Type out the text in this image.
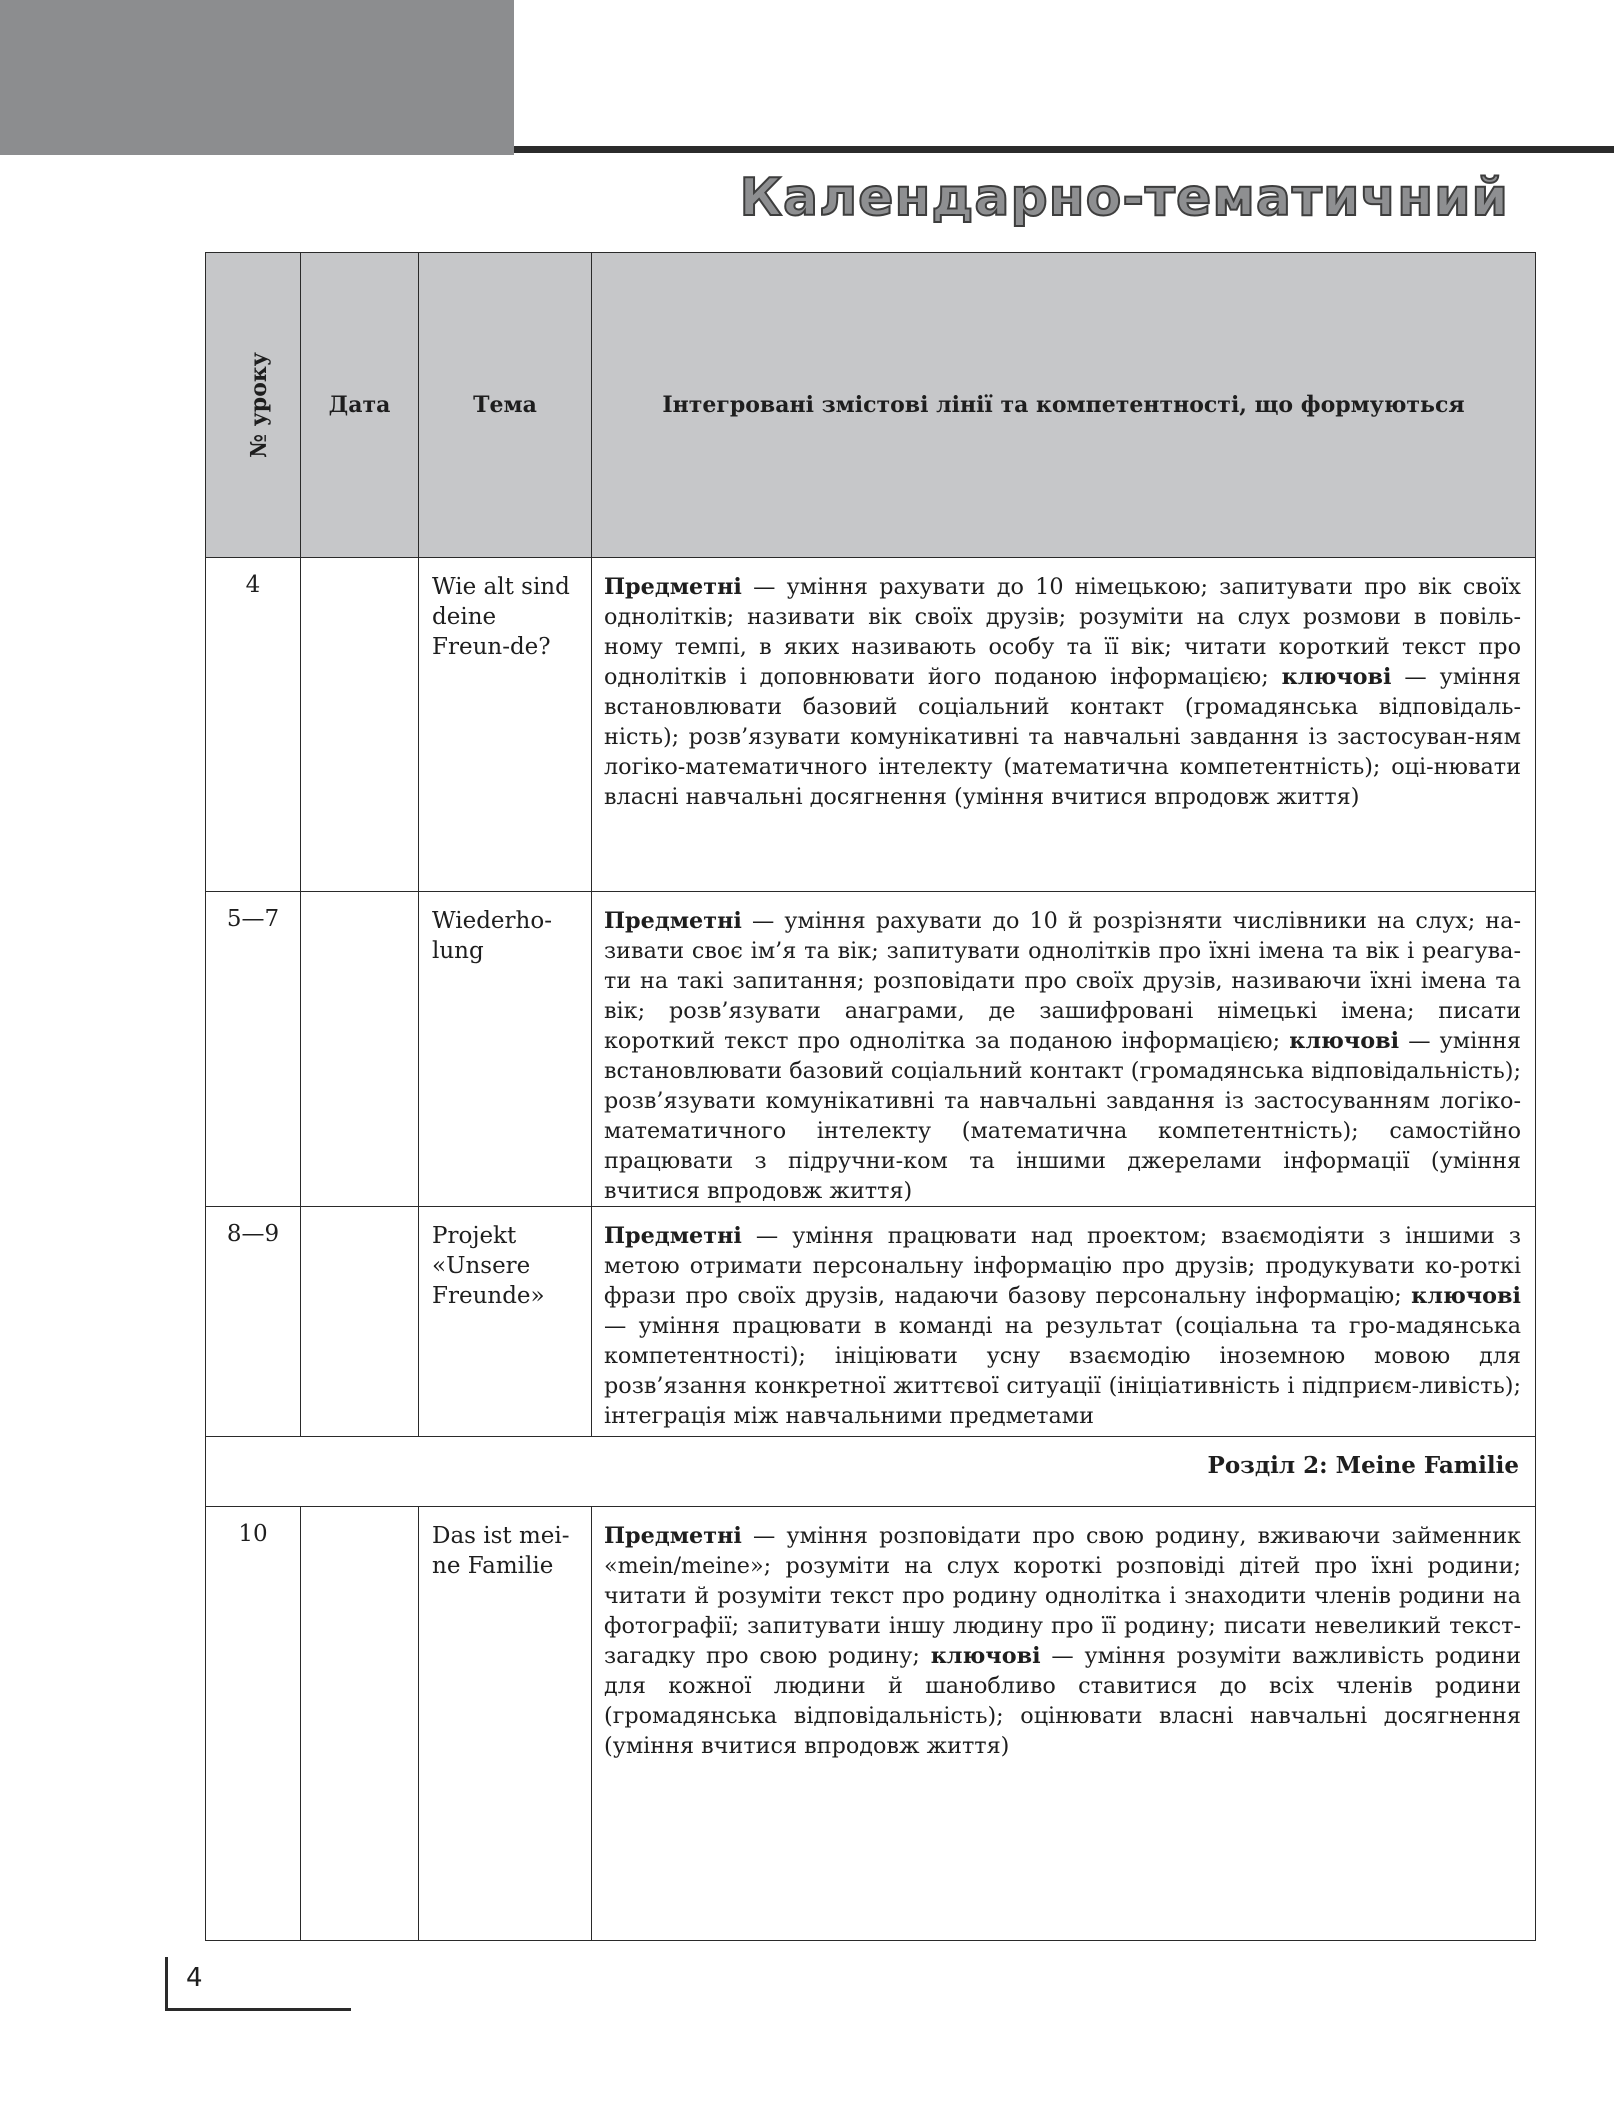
Календарно-тематичний
№ уроку	Дата	Тема	Інтегровані змістові лінії та компетентності, що формуються
4		Wie alt sind deine Freun-de?	Предметні — уміння рахувати до 10 німецькою; запитувати про вік своїх однолітків; називати вік своїх друзів; розуміти на слух розмови в повіль-ному темпі, в яких називають особу та її вік; читати короткий текст про однолітків і доповнювати його поданою інформацією; ключові — уміння встановлювати базовий соціальний контакт (громадянська відповідаль-ність); розв’язувати комунікативні та навчальні завдання із застосуван-ням логіко-математичного інтелекту (математична компетентність); оці-нювати власні навчальні досягнення (уміння вчитися впродовж життя)
5—7		Wiederho-lung	Предметні — уміння рахувати до 10 й розрізняти числівники на слух; на-зивати своє ім’я та вік; запитувати однолітків про їхні імена та вік і реагува-ти на такі запитання; розповідати про своїх друзів, називаючи їхні імена та вік; розв’язувати анаграми, де зашифровані німецькі імена; писати короткий текст про однолітка за поданою інформацією; ключові — уміння встановлювати базовий соціальний контакт (громадянська відповідальність); розв’язувати комунікативні та навчальні завдання із застосуванням логіко-математичного інтелекту (математична компетентність); самостійно працювати з підручни-ком та іншими джерелами інформації (уміння вчитися впродовж життя)
8—9		Projekt «Unsere Freunde»	Предметні — уміння працювати над проектом; взаємодіяти з іншими з метою отримати персональну інформацію про друзів; продукувати ко-роткі фрази про своїх друзів, надаючи базову персональну інформацію; ключові — уміння працювати в команді на результат (соціальна та гро-мадянська компетентності); ініціювати усну взаємодію іноземною мовою для розв’язання конкретної життєвої ситуації (ініціативність і підприєм-ливість); інтеграція між навчальними предметами
Розділ 2: Meine Familie			
10		Das ist mei-ne Familie	Предметні — уміння розповідати про свою родину, вживаючи займенник «mein/meine»; розуміти на слух короткі розповіді дітей про їхні родини; читати й розуміти текст про родину однолітка і знаходити членів родини на фотографії; запитувати іншу людину про її родину; писати невеликий текст-загадку про свою родину; ключові — уміння розуміти важливість родини для кожної людини й шанобливо ставитися до всіх членів родини (громадянська відповідальність); оцінювати власні навчальні досягнення (уміння вчитися впродовж життя)
4
